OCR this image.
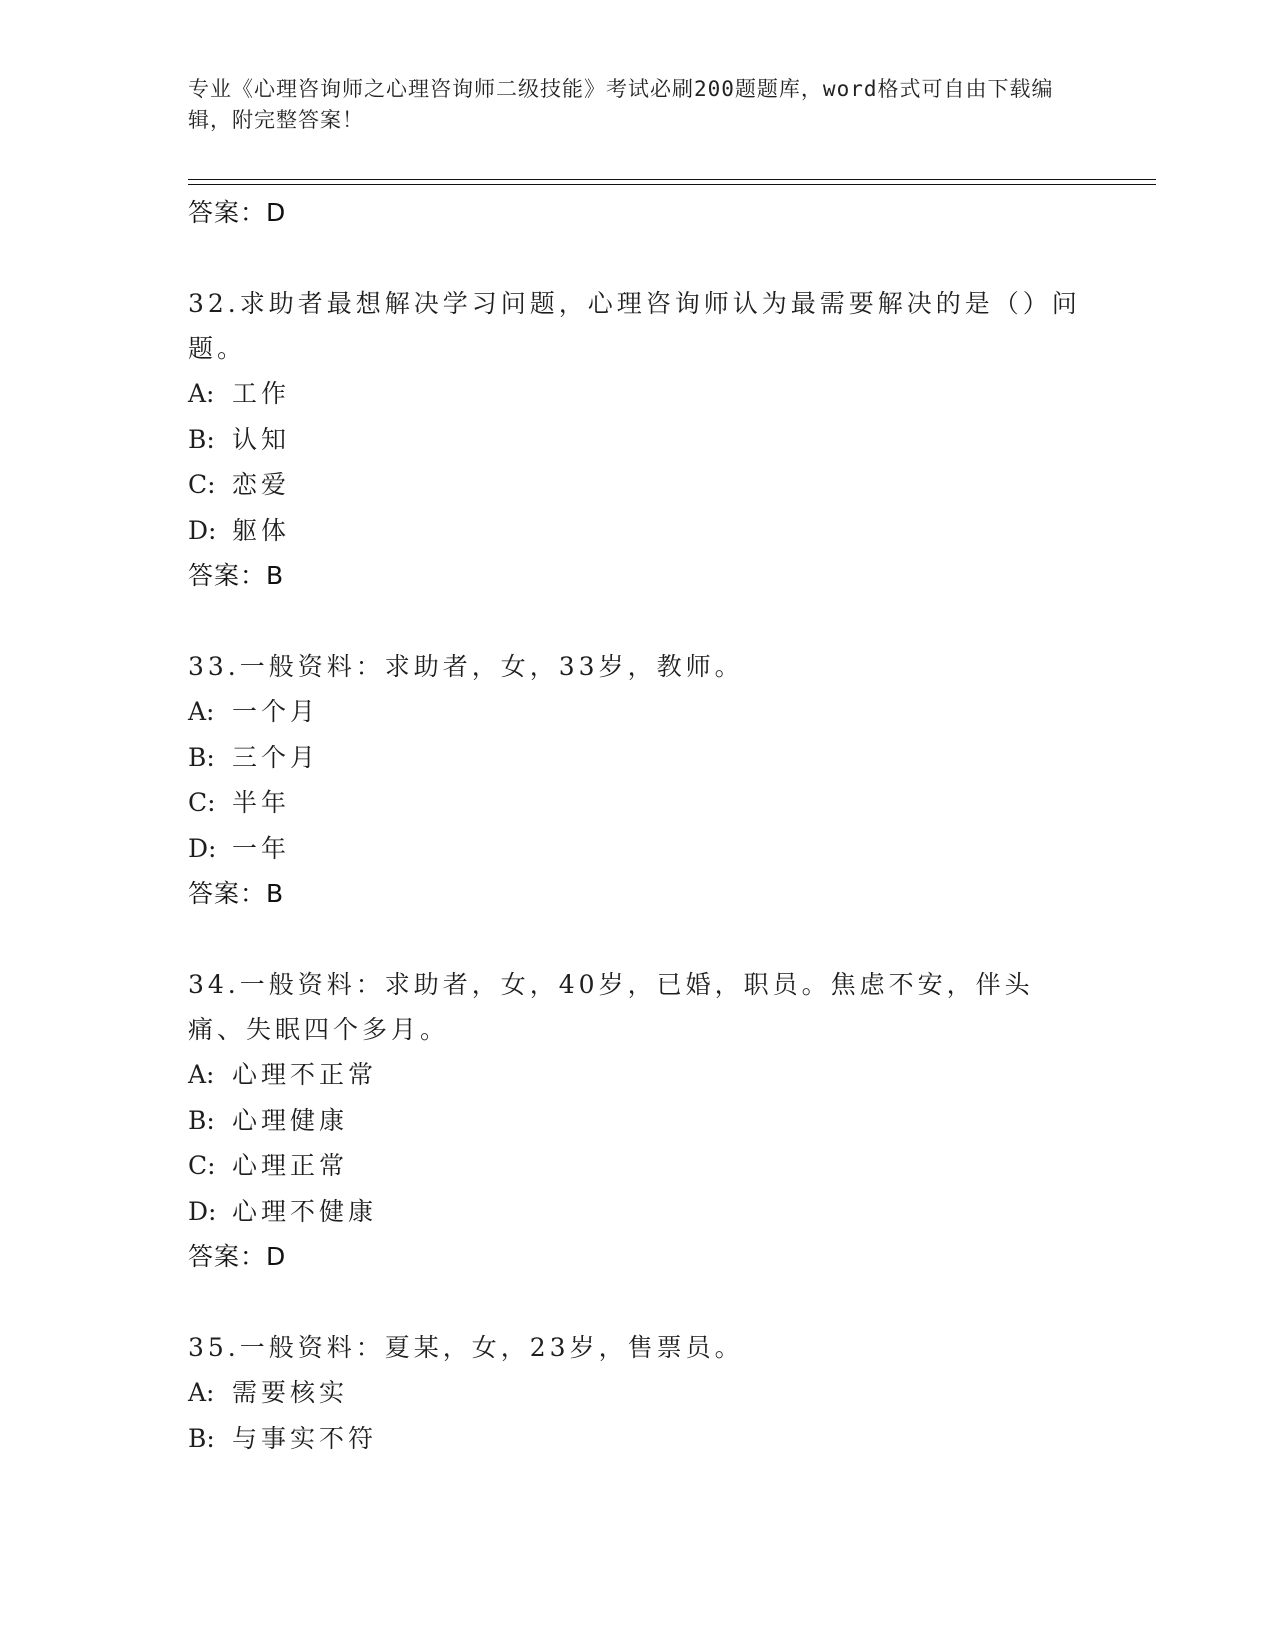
专业《心理咨询师之心理咨询师二级技能》考试必刷200题题库，word格式可自由下载编辑，附完整答案！
答案：D
32.求助者最想解决学习问题，心理咨询师认为最需要解决的是（）问题。
A: 工作
B: 认知
C: 恋爱
D: 躯体
答案：B
33.一般资料：求助者，女，33岁，教师。
A: 一个月
B: 三个月
C: 半年
D: 一年
答案：B
34.一般资料：求助者，女，40岁，已婚，职员。焦虑不安，伴头痛、失眠四个多月。
A: 心理不正常
B: 心理健康
C: 心理正常
D: 心理不健康
答案：D
35.一般资料：夏某，女，23岁，售票员。
A: 需要核实
B: 与事实不符
